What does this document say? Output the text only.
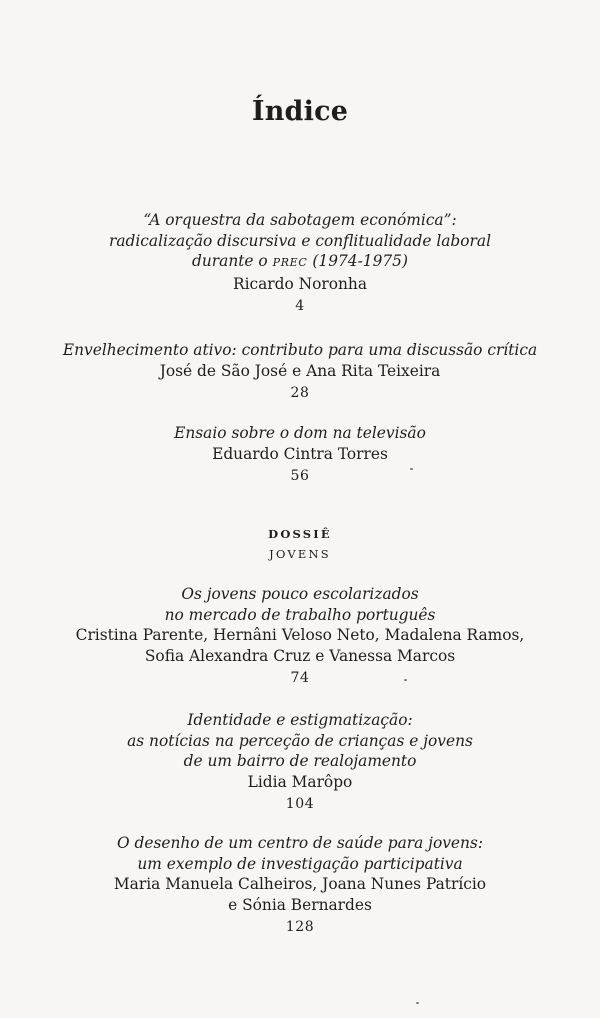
Índice
“A orquestra da sabotagem económica”:
radicalização discursiva e conflitualidade laboral
durante o PREC (1974-1975)
Ricardo Noronha
4
Envelhecimento ativo: contributo para uma discussão crítica
José de São José e Ana Rita Teixeira
28
Ensaio sobre o dom na televisão
Eduardo Cintra Torres
56
DOSSIÊ
JOVENS
Os jovens pouco escolarizados
no mercado de trabalho português
Cristina Parente, Hernâni Veloso Neto, Madalena Ramos,
Sofia Alexandra Cruz e Vanessa Marcos
74
Identidade e estigmatização:
as notícias na perceção de crianças e jovens
de um bairro de realojamento
Lidia Marôpo
104
O desenho de um centro de saúde para jovens:
um exemplo de investigação participativa
Maria Manuela Calheiros, Joana Nunes Patrício
e Sónia Bernardes
128
